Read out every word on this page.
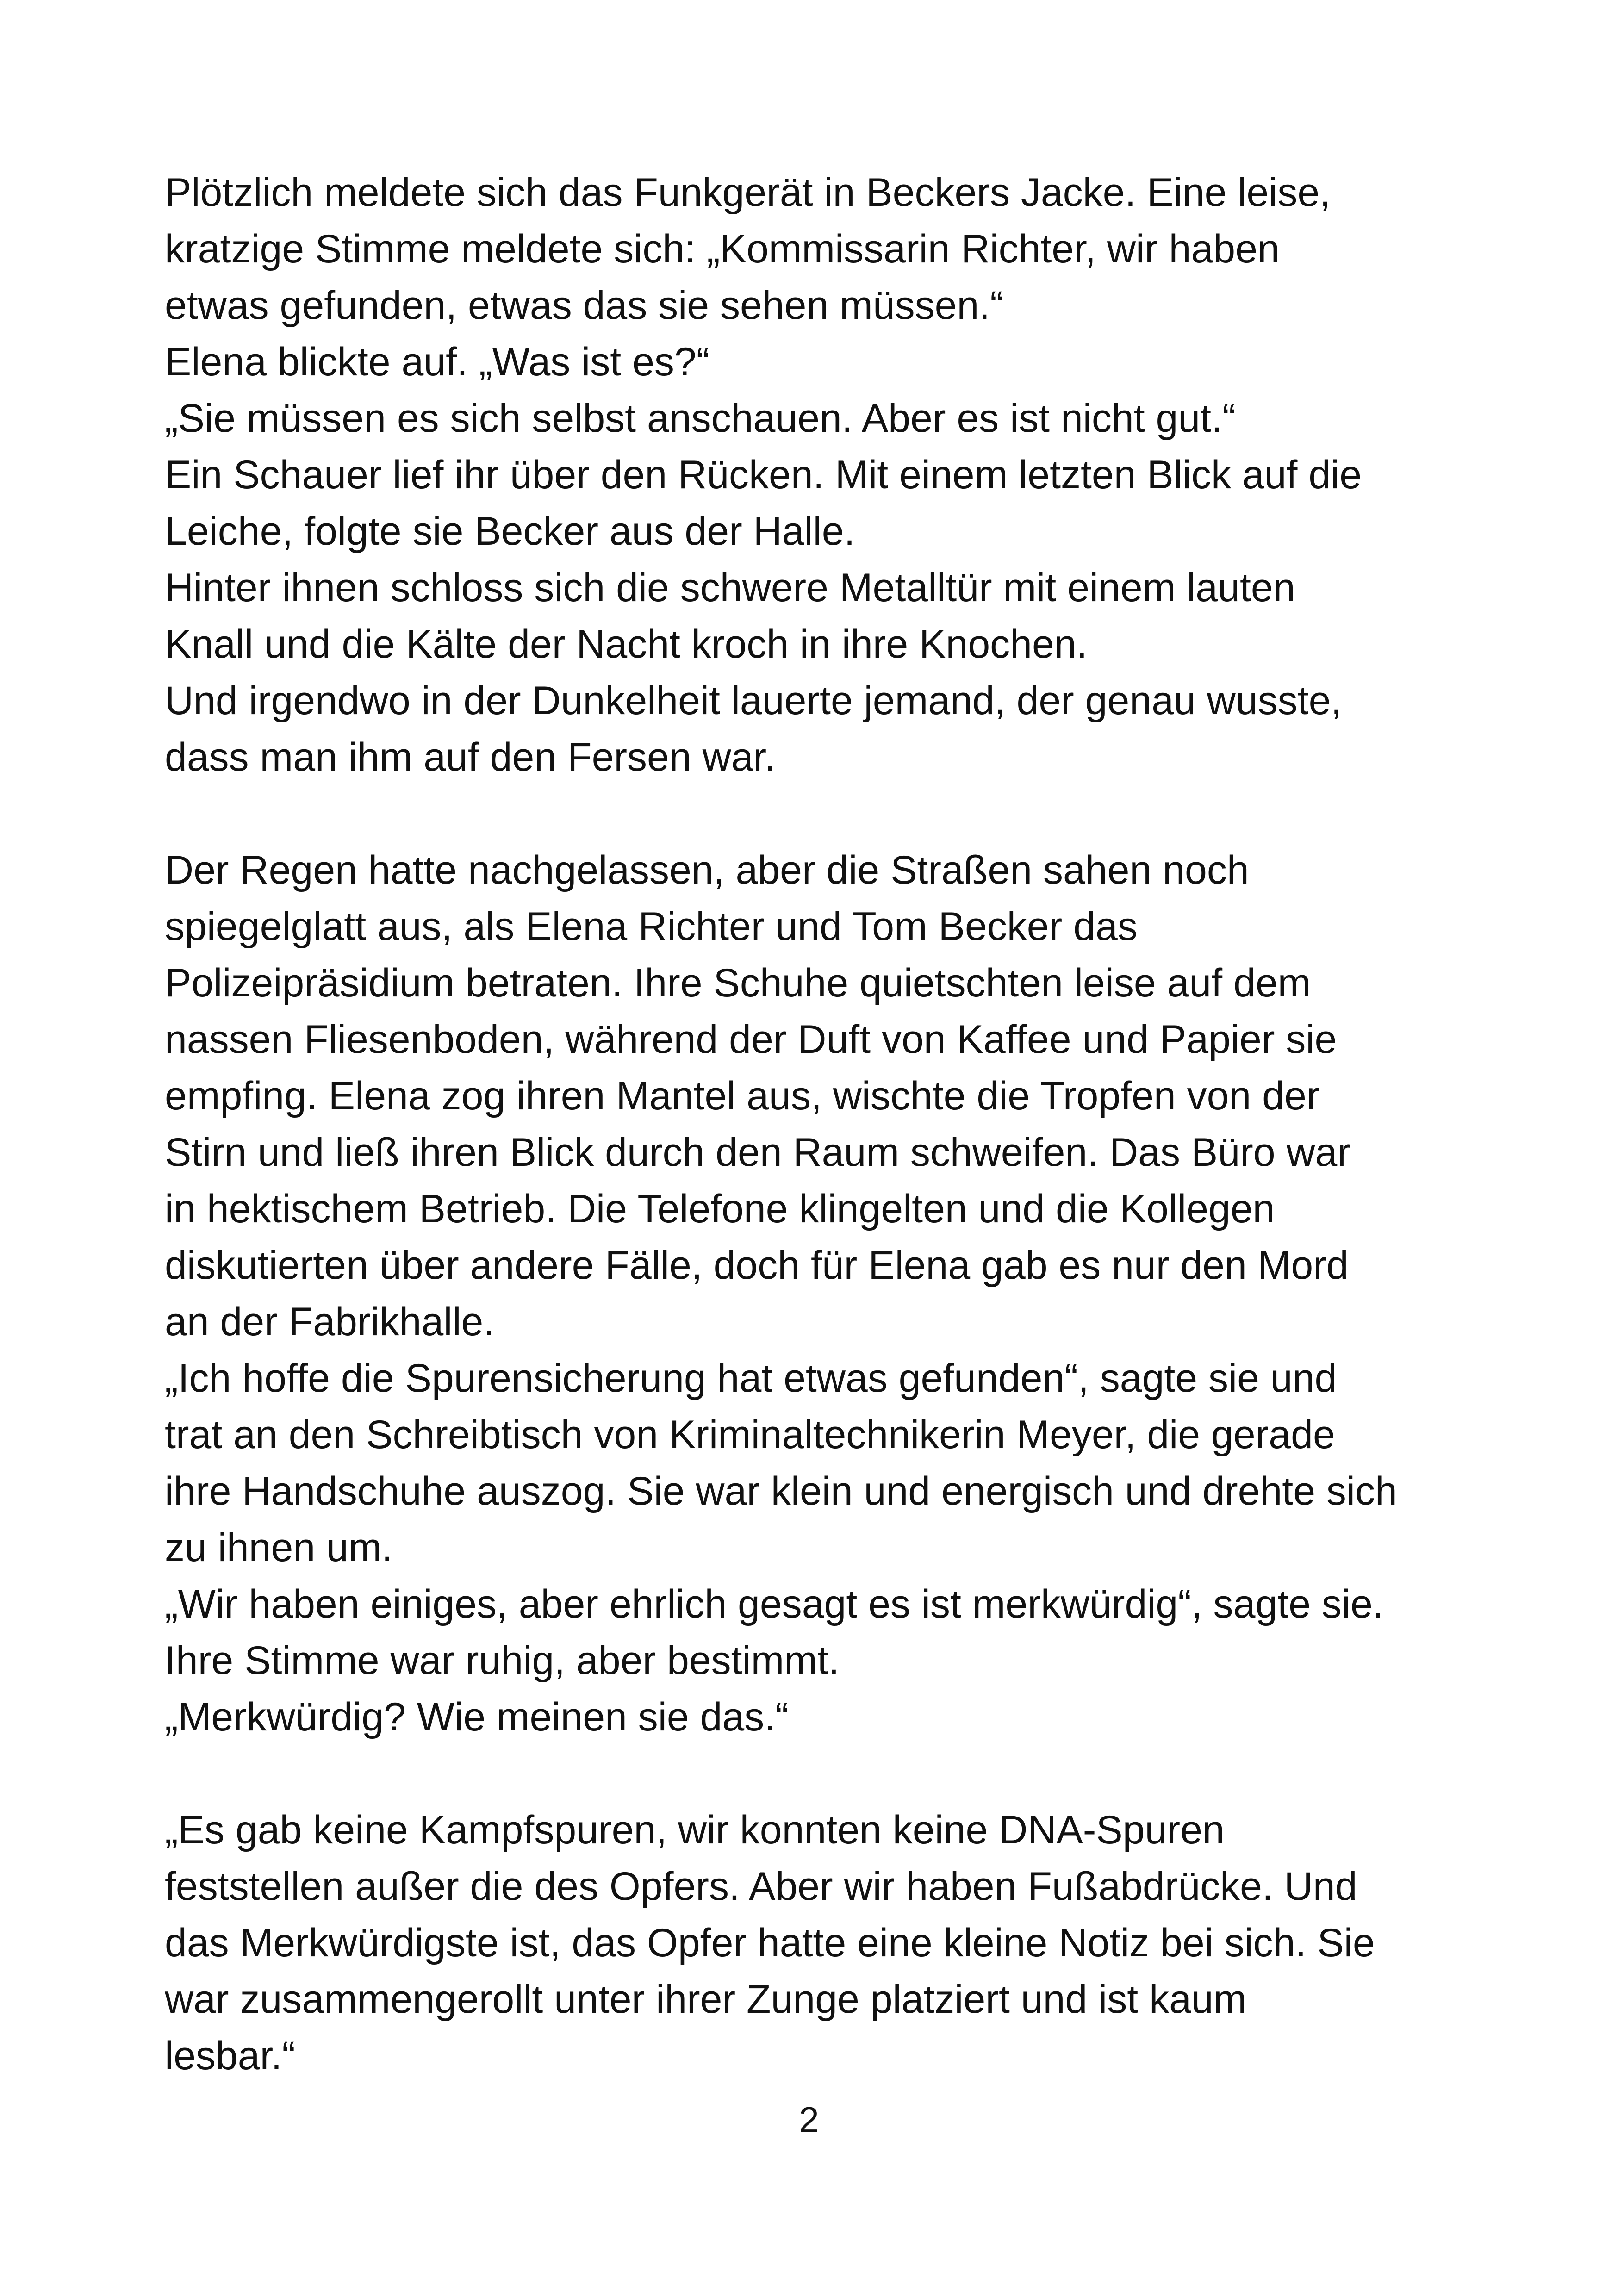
Plötzlich meldete sich das Funkgerät in Beckers Jacke. Eine leise,
kratzige Stimme meldete sich: „Kommissarin Richter, wir haben
etwas gefunden, etwas das sie sehen müssen.“
Elena blickte auf. „Was ist es?“
„Sie müssen es sich selbst anschauen. Aber es ist nicht gut.“
Ein Schauer lief ihr über den Rücken. Mit einem letzten Blick auf die
Leiche, folgte sie Becker aus der Halle.
Hinter ihnen schloss sich die schwere Metalltür mit einem lauten
Knall und die Kälte der Nacht kroch in ihre Knochen.
Und irgendwo in der Dunkelheit lauerte jemand, der genau wusste,
dass man ihm auf den Fersen war.
Der Regen hatte nachgelassen, aber die Straßen sahen noch
spiegelglatt aus, als Elena Richter und Tom Becker das
Polizeipräsidium betraten. Ihre Schuhe quietschten leise auf dem
nassen Fliesenboden, während der Duft von Kaffee und Papier sie
empfing. Elena zog ihren Mantel aus, wischte die Tropfen von der
Stirn und ließ ihren Blick durch den Raum schweifen. Das Büro war
in hektischem Betrieb. Die Telefone klingelten und die Kollegen
diskutierten über andere Fälle, doch für Elena gab es nur den Mord
an der Fabrikhalle.
„Ich hoffe die Spurensicherung hat etwas gefunden“, sagte sie und
trat an den Schreibtisch von Kriminaltechnikerin Meyer, die gerade
ihre Handschuhe auszog. Sie war klein und energisch und drehte sich
zu ihnen um.
„Wir haben einiges, aber ehrlich gesagt es ist merkwürdig“, sagte sie.
Ihre Stimme war ruhig, aber bestimmt.
„Merkwürdig? Wie meinen sie das.“
„Es gab keine Kampfspuren, wir konnten keine DNA-Spuren
feststellen außer die des Opfers. Aber wir haben Fußabdrücke. Und
das Merkwürdigste ist, das Opfer hatte eine kleine Notiz bei sich. Sie
war zusammengerollt unter ihrer Zunge platziert und ist kaum
lesbar.“
2
